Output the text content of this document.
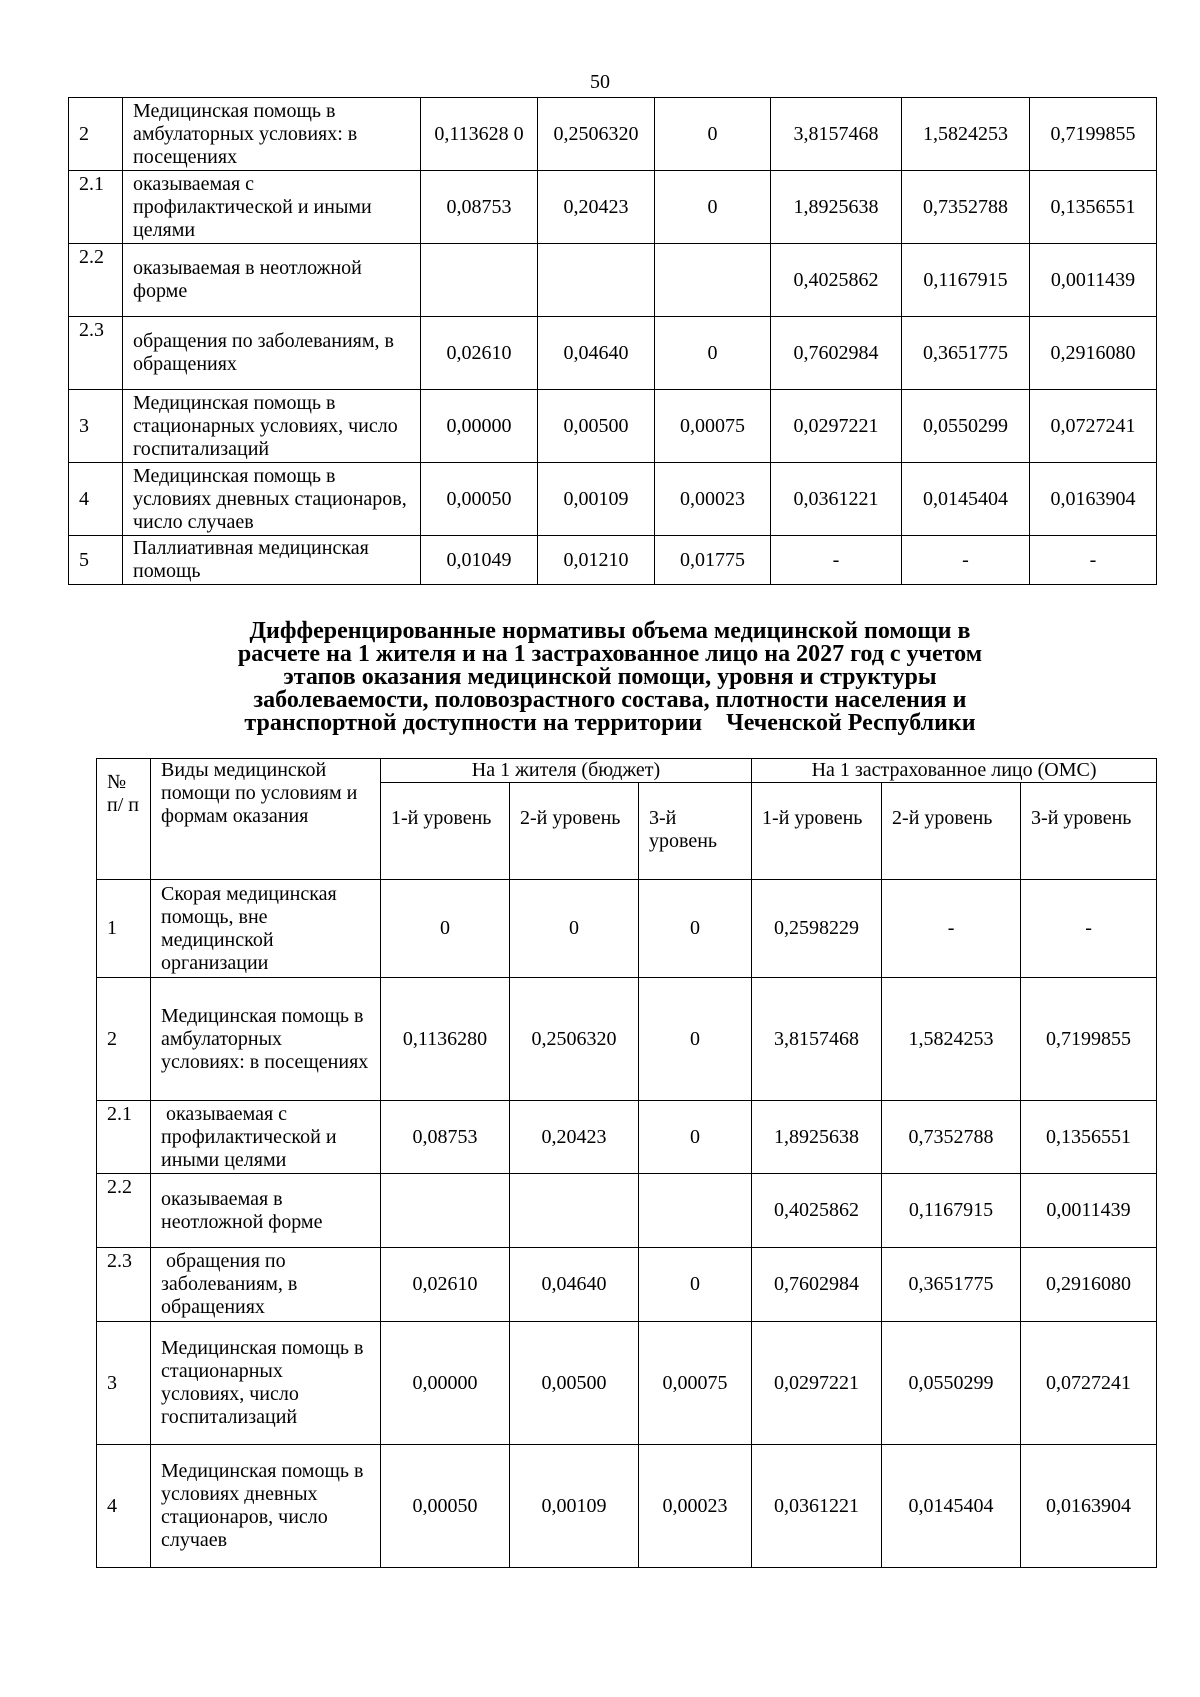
50
2	Медицинская помощь в амбулаторных условиях: в посещениях	0,113628 0	0,2506320	0	3,8157468	1,5824253	0,7199855
2.1	оказываемая с профилактической и иными целями	0,08753	0,20423	0	1,8925638	0,7352788	0,1356551
2.2	оказываемая в неотложной форме				0,4025862	0,1167915	0,0011439
2.3	обращения по заболеваниям, в обращениях	0,02610	0,04640	0	0,7602984	0,3651775	0,2916080
3	Медицинская помощь в стационарных условиях, число госпитализаций	0,00000	0,00500	0,00075	0,0297221	0,0550299	0,0727241
4	Медицинская помощь в условиях дневных стационаров, число случаев	0,00050	0,00109	0,00023	0,0361221	0,0145404	0,0163904
5	Паллиативная медицинская помощь	0,01049	0,01210	0,01775	-	-	-
Дифференцированные нормативы объема медицинской помощи в
расчете на 1 жителя и на 1 застрахованное лицо на 2027 год с учетом
этапов оказания медицинской помощи, уровня и структуры
заболеваемости, половозрастного состава, плотности населения и
транспортной доступности на территории    Чеченской Республики
№ п/ п	Виды медицинской помощи по условиям и формам оказания	На 1 жителя (бюджет)			На 1 застрахованное лицо (ОМС)		
		1-й уровень	2-й уровень	3-й уровень	1-й уровень	2-й уровень	3-й уровень
1	Скорая медицинская помощь, вне медицинской организации	0	0	0	0,2598229	-	-
2	Медицинская помощь в амбулаторных условиях: в посещениях	0,1136280	0,2506320	0	3,8157468	1,5824253	0,7199855
2.1	оказываемая с профилактической и иными целями	0,08753	0,20423	0	1,8925638	0,7352788	0,1356551
2.2	оказываемая в неотложной форме				0,4025862	0,1167915	0,0011439
2.3	обращения по заболеваниям, в обращениях	0,02610	0,04640	0	0,7602984	0,3651775	0,2916080
3	Медицинская помощь в стационарных условиях, число госпитализаций	0,00000	0,00500	0,00075	0,0297221	0,0550299	0,0727241
4	Медицинская помощь в условиях дневных стационаров, число случаев	0,00050	0,00109	0,00023	0,0361221	0,0145404	0,0163904
